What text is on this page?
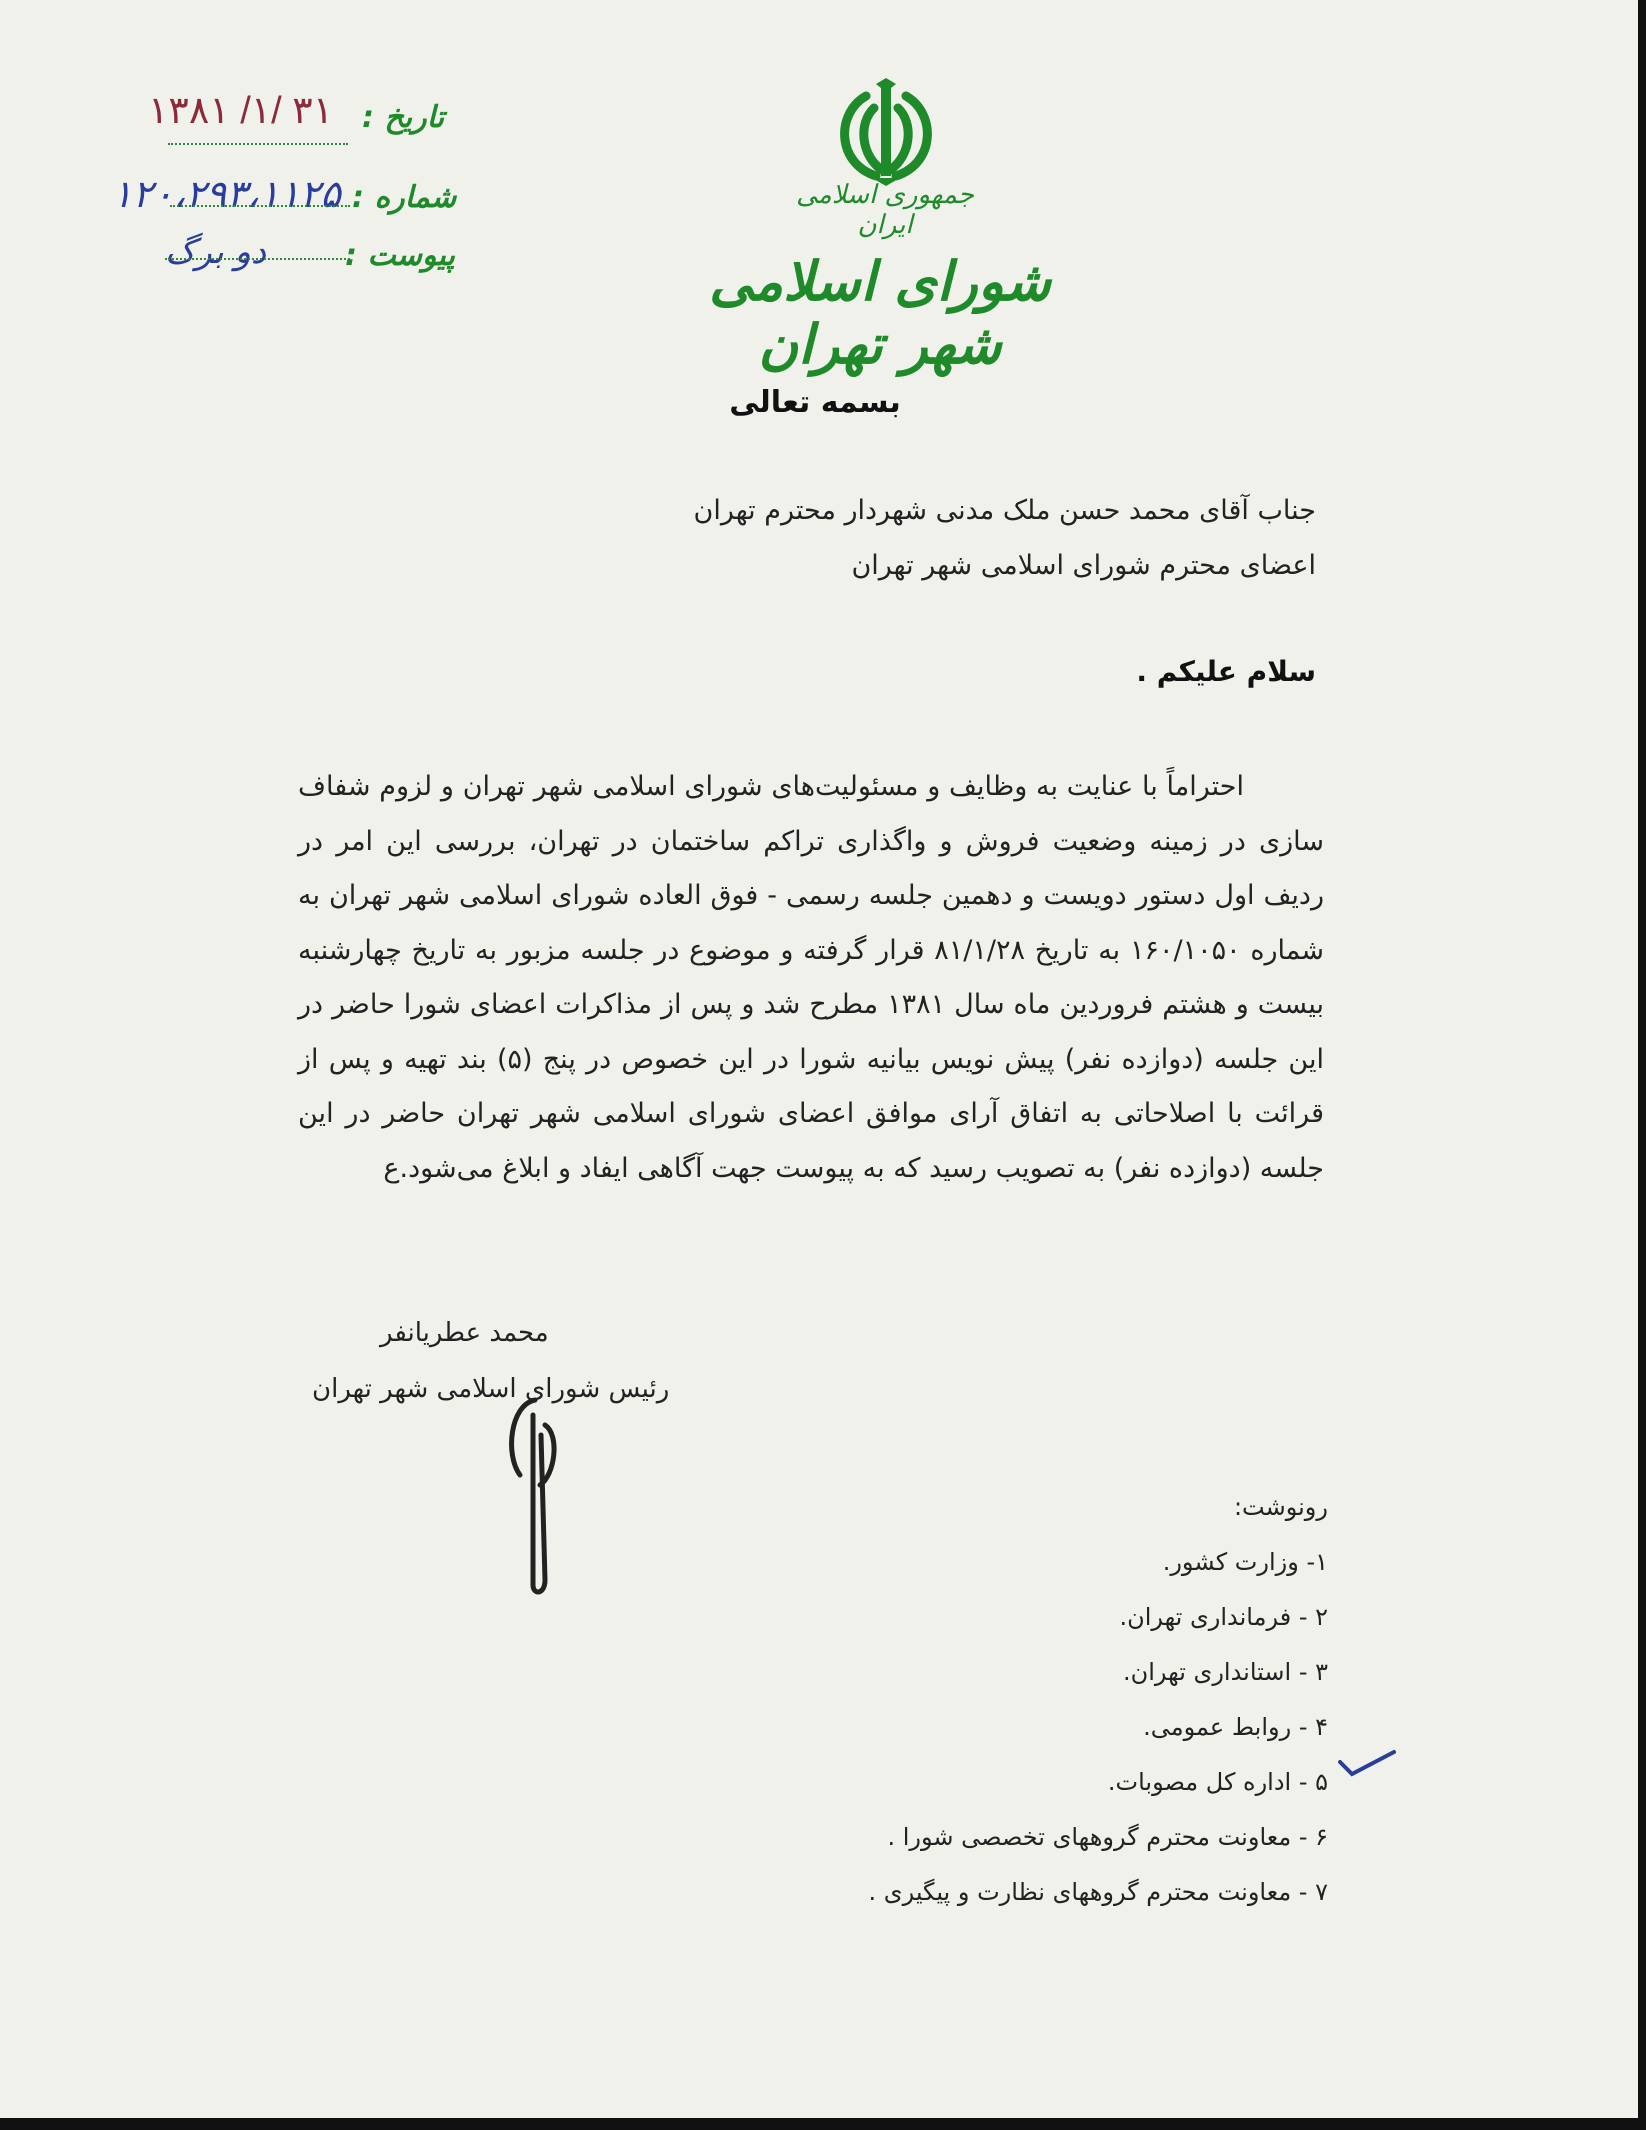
۱۳۸۱ /۱/ ۳۱ تاریخ :
۱۲۰،۲۹۳،۱۱۲۵ شماره :
دو برگ	پیوست :
جمهوری اسلامی ایران
شورای اسلامی شهر تهران
بسمه تعالی
جناب آقای محمد حسن ملک مدنی شهردار محترم تهران
اعضای محترم شورای اسلامی شهر تهران
سلام علیکم .

احتراماً با عنایت به وظایف و مسئولیت‌های شورای اسلامی شهر تهران و لزوم شفاف سازی در زمینه وضعیت فروش و واگذاری تراکم ساختمان در تهران، بررسی این امر در ردیف اول دستور دویست و دهمین جلسه رسمی - فوق العاده شورای اسلامی شهر تهران به شماره ۱۶۰/۱۰۵۰ به تاریخ ۸۱/۱/۲۸ قرار گرفته و موضوع در جلسه مزبور به تاریخ چهارشنبه بیست و هشتم فروردین ماه سال ۱۳۸۱ مطرح شد و پس از مذاکرات اعضای شورا حاضر در این جلسه (دوازده نفر) پیش نویس بیانیه شورا در این خصوص در پنج (۵) بند تهیه و پس از قرائت با اصلاحاتی به اتفاق آرای موافق اعضای شورای اسلامی شهر تهران حاضر در این جلسه (دوازده نفر) به تصویب رسید که به پیوست جهت آگاهی ایفاد و ابلاغ می‌شود.ع

محمد عطریانفر
رئیس شورای اسلامی شهر تهران
رونوشت:
۱- وزارت کشور.
۲ - فرمانداری تهران.
۳ - استانداری تهران.
۴ - روابط عمومی.
۵ - اداره کل مصوبات.
۶ - معاونت محترم گروههای تخصصی شورا .
۷ - معاونت محترم گروههای نظارت و پیگیری .
